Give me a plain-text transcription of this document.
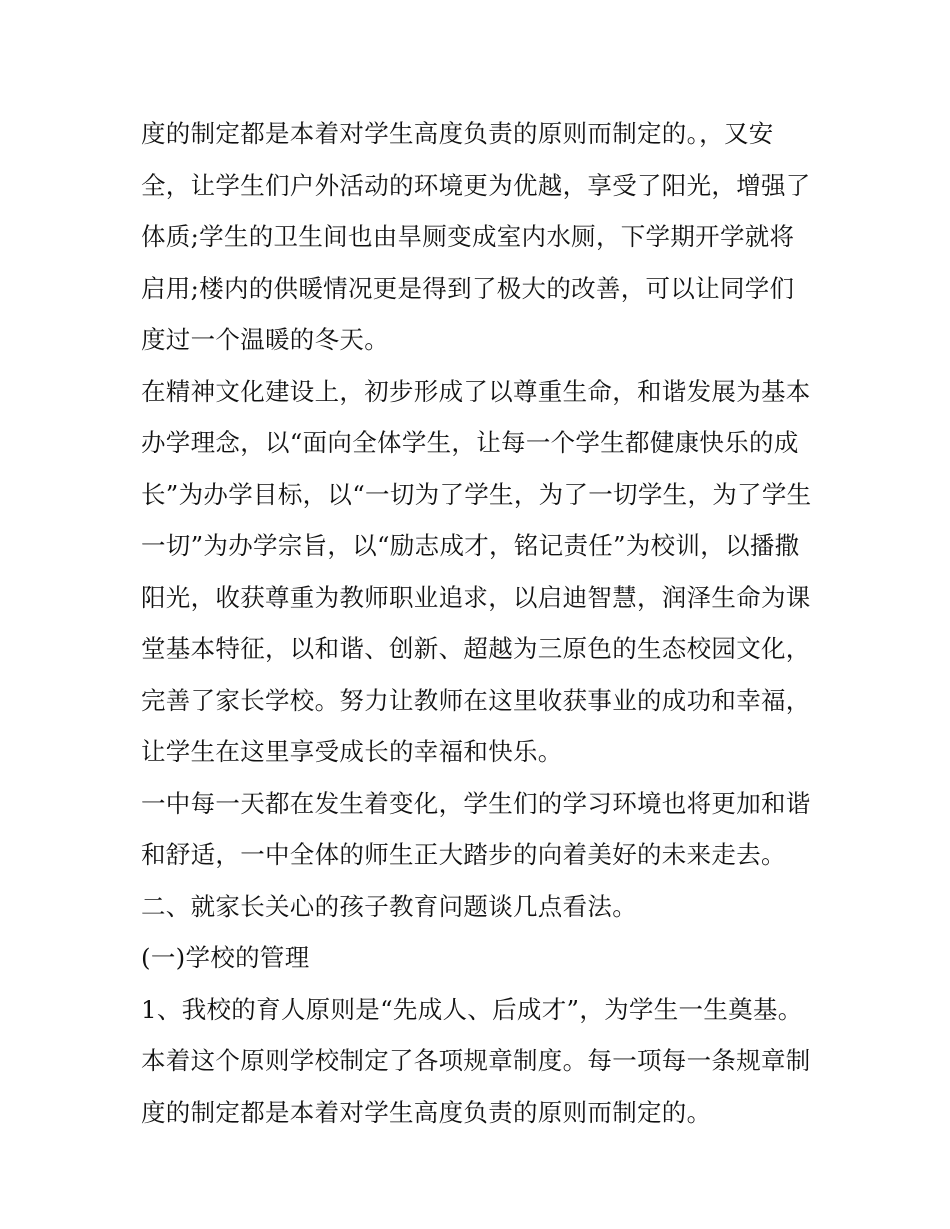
度的制定都是本着对学生高度负责的原则而制定的。，又安
全，让学生们户外活动的环境更为优越，享受了阳光，增强了
体质;学生的卫生间也由旱厕变成室内水厕，下学期开学就将
启用;楼内的供暖情况更是得到了极大的改善，可以让同学们
度过一个温暖的冬天。
在精神文化建设上，初步形成了以尊重生命，和谐发展为基本
办学理念，以“面向全体学生，让每一个学生都健康快乐的成
长”为办学目标，以“一切为了学生，为了一切学生，为了学生
一切”为办学宗旨，以“励志成才，铭记责任”为校训，以播撒
阳光，收获尊重为教师职业追求，以启迪智慧，润泽生命为课
堂基本特征，以和谐、创新、超越为三原色的生态校园文化，
完善了家长学校。努力让教师在这里收获事业的成功和幸福，
让学生在这里享受成长的幸福和快乐。
一中每一天都在发生着变化，学生们的学习环境也将更加和谐
和舒适，一中全体的师生正大踏步的向着美好的未来走去。
二、就家长关心的孩子教育问题谈几点看法。
(一)学校的管理
1、我校的育人原则是“先成人、后成才”，为学生一生奠基。
本着这个原则学校制定了各项规章制度。每一项每一条规章制
度的制定都是本着对学生高度负责的原则而制定的。
